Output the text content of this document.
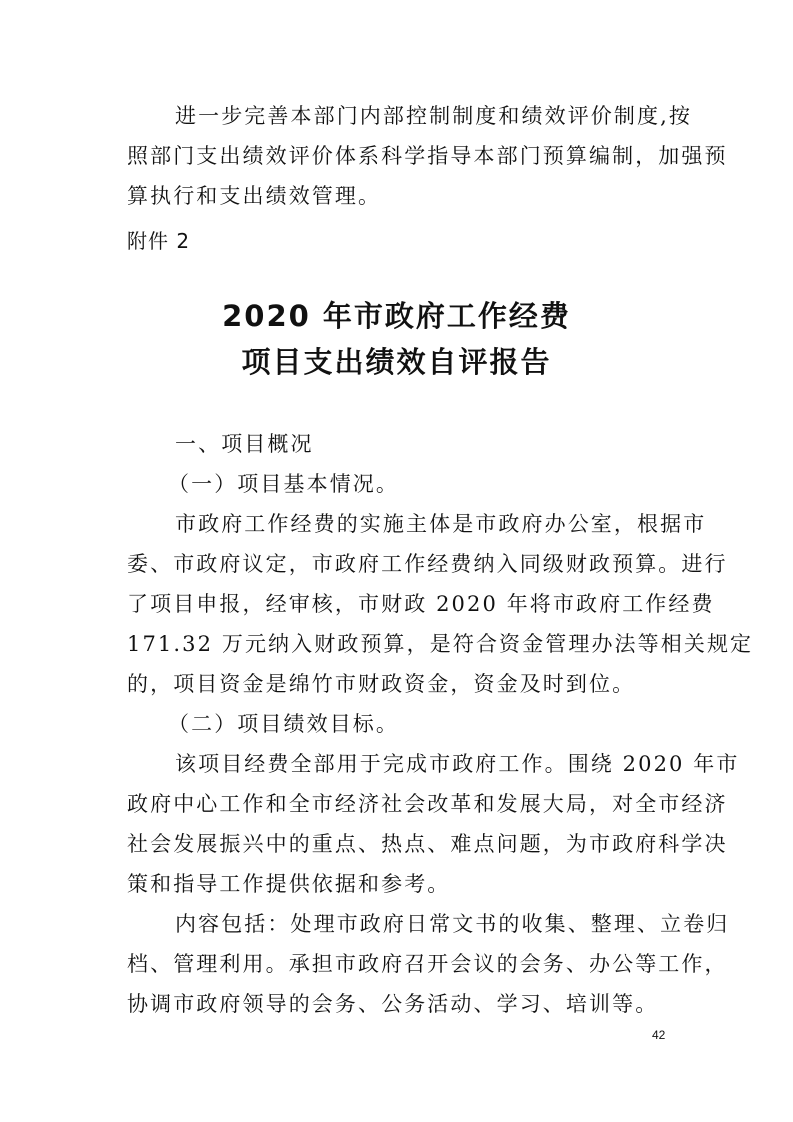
进一步完善本部门内部控制制度和绩效评价制度,按
照部门支出绩效评价体系科学指导本部门预算编制，加强预
算执行和支出绩效管理。
附件 2
2020 年市政府工作经费
项目支出绩效自评报告
一、项目概况
（一）项目基本情况。
市政府工作经费的实施主体是市政府办公室，根据市
委、市政府议定，市政府工作经费纳入同级财政预算。进行
了项目申报，经审核，市财政 2020 年将市政府工作经费
171.32 万元纳入财政预算，是符合资金管理办法等相关规定
的，项目资金是绵竹市财政资金，资金及时到位。
（二）项目绩效目标。
该项目经费全部用于完成市政府工作。围绕 2020 年市
政府中心工作和全市经济社会改革和发展大局，对全市经济
社会发展振兴中的重点、热点、难点问题，为市政府科学决
策和指导工作提供依据和参考。
内容包括：处理市政府日常文书的收集、整理、立卷归
档、管理利用。承担市政府召开会议的会务、办公等工作，
协调市政府领导的会务、公务活动、学习、培训等。
42
